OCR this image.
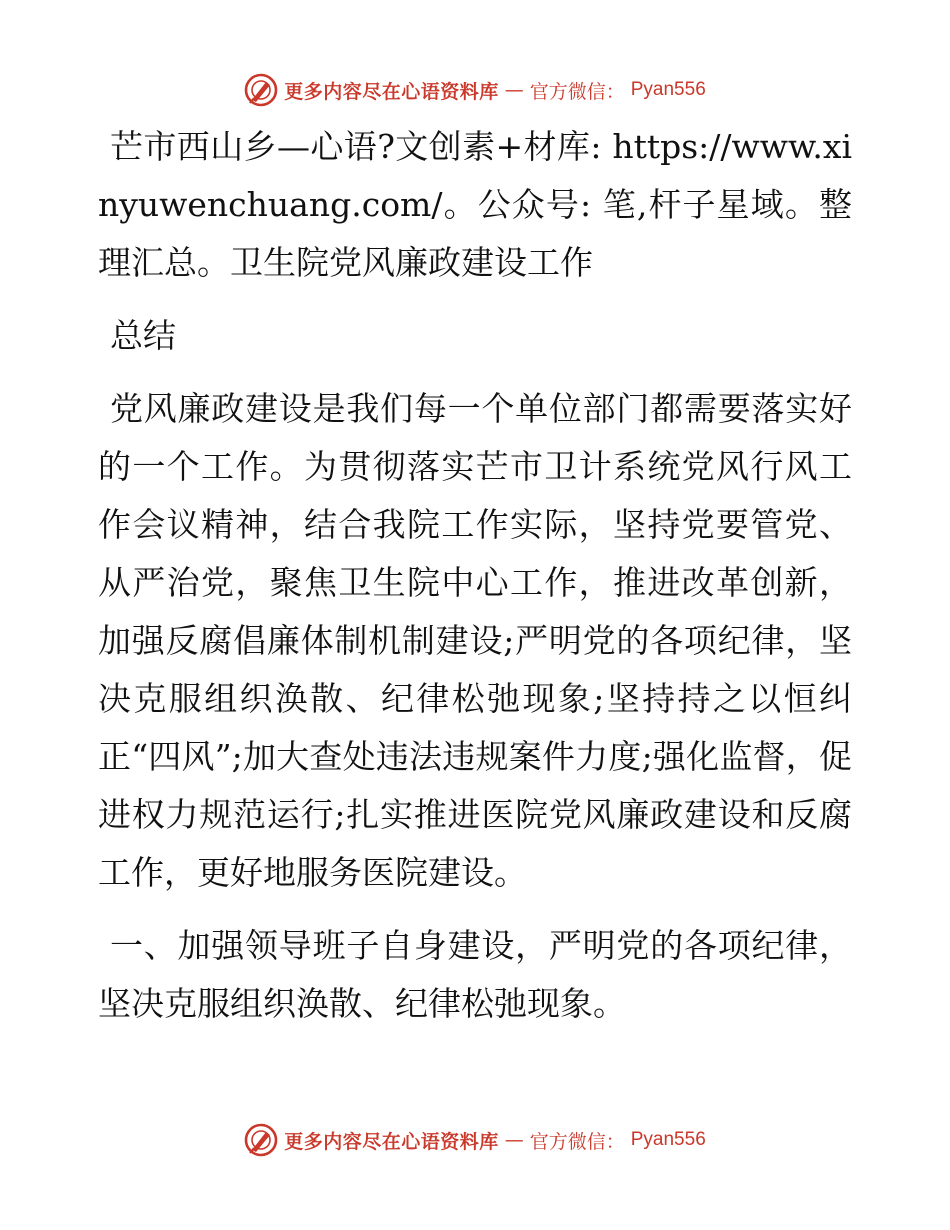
更多内容尽在心语资料库 — 官方微信： Pyan556

芒市西山乡—心语?文创素+材库: https://www.xinyuwenchuang.com/。公众号: 笔,杆子星域。整理汇总。卫生院党风廉政建设工作

总结

党风廉政建设是我们每一个单位部门都需要落实好的一个工作。为贯彻落实芒市卫计系统党风行风工作会议精神，结合我院工作实际，坚持党要管党、从严治党，聚焦卫生院中心工作，推进改革创新，加强反腐倡廉体制机制建设;严明党的各项纪律，坚决克服组织涣散、纪律松弛现象;坚持持之以恒纠正“四风”;加大查处违法违规案件力度;强化监督，促进权力规范运行;扎实推进医院党风廉政建设和反腐工作，更好地服务医院建设。

一、加强领导班子自身建设，严明党的各项纪律，坚决克服组织涣散、纪律松弛现象。

更多内容尽在心语资料库 — 官方微信： Pyan556
